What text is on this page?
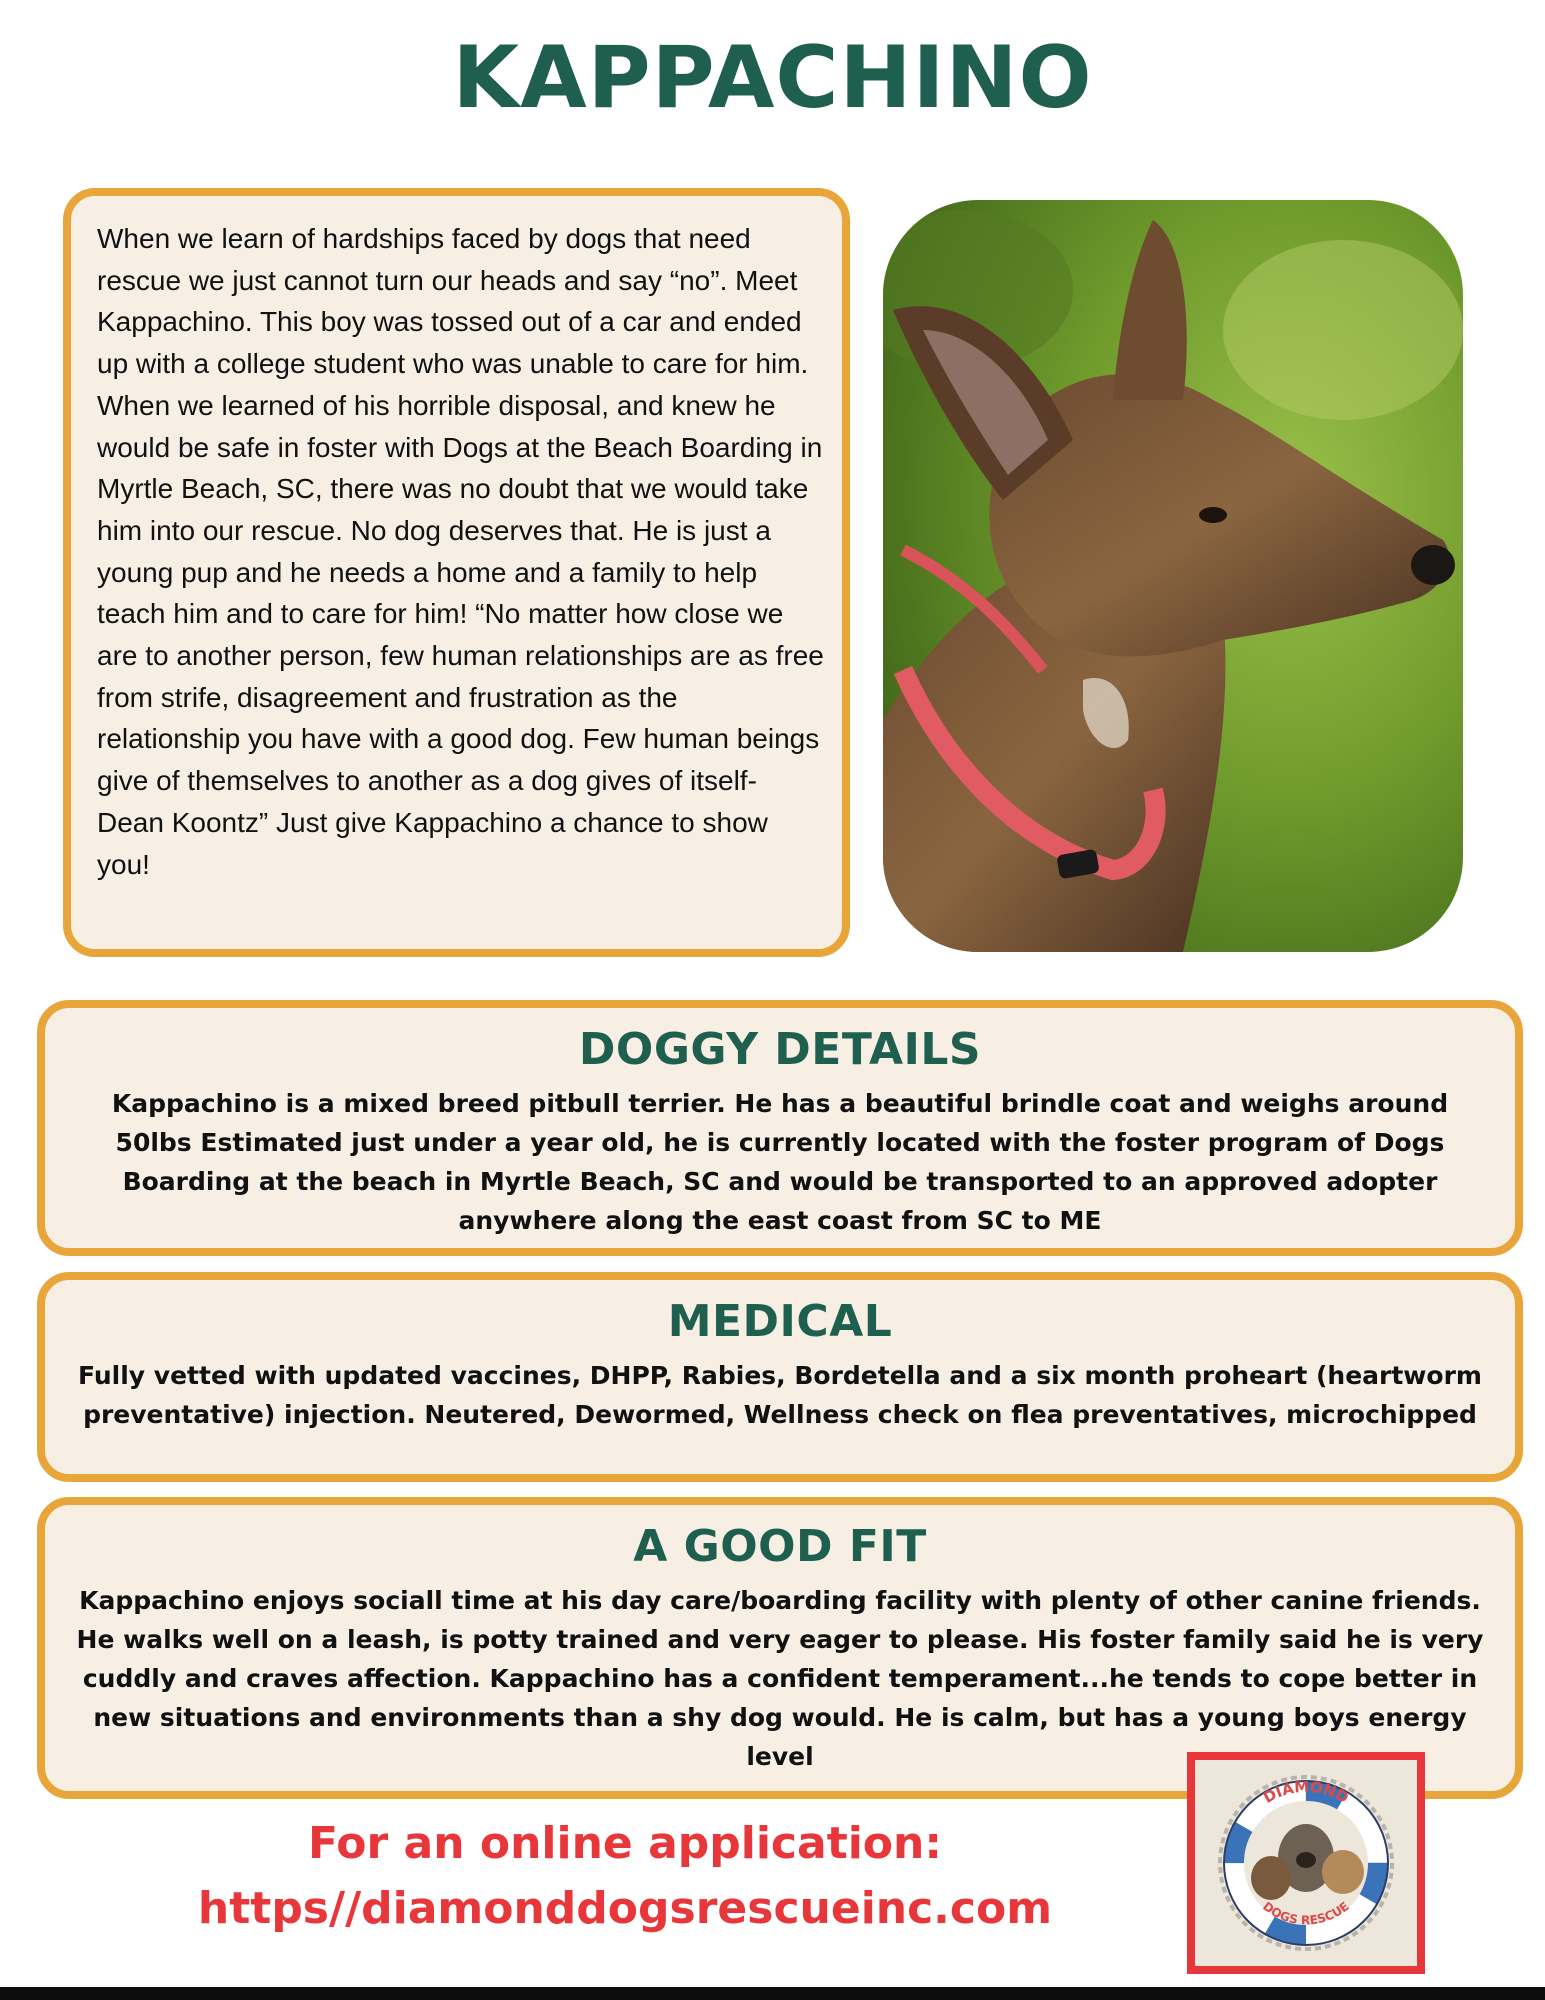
KAPPACHINO
When we learn of hardships faced by dogs that need rescue we just cannot turn our heads and say “no”. Meet Kappachino. This boy was tossed out of a car and ended up with a college student who was unable to care for him. When we learned of his horrible disposal, and knew he would be safe in foster with Dogs at the Beach Boarding in Myrtle Beach, SC, there was no doubt that we would take him into our rescue. No dog deserves that. He is just a young pup and he needs a home and a family to help teach him and to care for him! “No matter how close we are to another person, few human relationships are as free from strife, disagreement and frustration as the relationship you have with a good dog. Few human beings give of themselves to another as a dog gives of itself- Dean Koontz” Just give Kappachino a chance to show you!
DOGGY DETAILS
Kappachino is a mixed breed pitbull terrier. He has a beautiful brindle coat and weighs around 50lbs Estimated just under a year old, he is currently located with the foster program of Dogs Boarding at the beach in Myrtle Beach, SC and would be transported to an approved adopter anywhere along the east coast from SC to ME
MEDICAL
Fully vetted with updated vaccines, DHPP, Rabies, Bordetella and a six month proheart (heartworm preventative) injection. Neutered, Dewormed, Wellness check on flea preventatives, microchipped
A GOOD FIT
Kappachino enjoys sociall time at his day care/boarding facility with plenty of other canine friends. He walks well on a leash, is potty trained and very eager to please. His foster family said he is very cuddly and craves affection. Kappachino has a confident temperament...he tends to cope better in new situations and environments than a shy dog would. He is calm, but has a young boys energy level
For an online application:
https//diamonddogsrescueinc.com
DIAMOND
DOGS RESCUE
